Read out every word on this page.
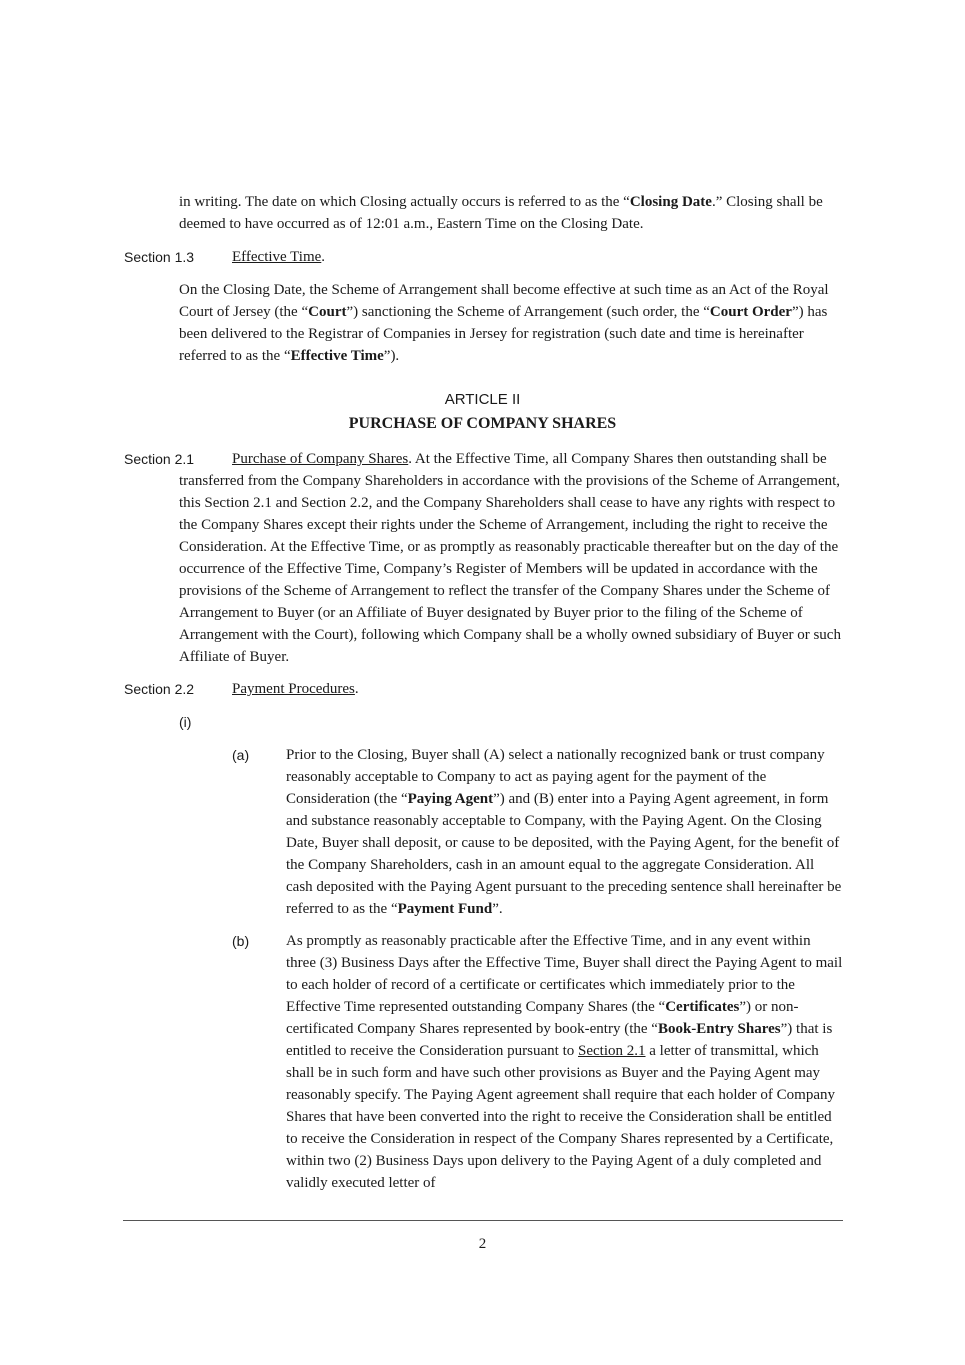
in writing. The date on which Closing actually occurs is referred to as the “Closing Date.” Closing shall be deemed to have occurred as of 12:01 a.m., Eastern Time on the Closing Date.

Section 1.3	Effective Time.

On the Closing Date, the Scheme of Arrangement shall become effective at such time as an Act of the Royal Court of Jersey (the “Court”) sanctioning the Scheme of Arrangement (such order, the “Court Order”) has been delivered to the Registrar of Companies in Jersey for registration (such date and time is hereinafter referred to as the “Effective Time”).

ARTICLE II
PURCHASE OF COMPANY SHARES
Section 2.1	Purchase of Company Shares. At the Effective Time, all Company Shares then outstanding shall be transferred from the Company Shareholders in accordance with the provisions of the Scheme of Arrangement, this Section 2.1 and Section 2.2, and the Company Shareholders shall cease to have any rights with respect to the Company Shares except their rights under the Scheme of Arrangement, including the right to receive the Consideration. At the Effective Time, or as promptly as reasonably practicable thereafter but on the day of the occurrence of the Effective Time, Company’s Register of Members will be updated in accordance with the provisions of the Scheme of Arrangement to reflect the transfer of the Company Shares under the Scheme of Arrangement to Buyer (or an Affiliate of Buyer designated by Buyer prior to the filing of the Scheme of Arrangement with the Court), following which Company shall be a wholly owned subsidiary of Buyer or such Affiliate of Buyer.

Section 2.2	Payment Procedures.
(i)
(a) Prior to the Closing, Buyer shall (A) select a nationally recognized bank or trust company reasonably acceptable to Company to act as paying agent for the payment of the Consideration (the “Paying Agent”) and (B) enter into a Paying Agent agreement, in form and substance reasonably acceptable to Company, with the Paying Agent. On the Closing Date, Buyer shall deposit, or cause to be deposited, with the Paying Agent, for the benefit of the Company Shareholders, cash in an amount equal to the aggregate Consideration. All cash deposited with the Paying Agent pursuant to the preceding sentence shall hereinafter be referred to as the “Payment Fund”.

(b) As promptly as reasonably practicable after the Effective Time, and in any event within three (3) Business Days after the Effective Time, Buyer shall direct the Paying Agent to mail to each holder of record of a certificate or certificates which immediately prior to the Effective Time represented outstanding Company Shares (the “Certificates”) or non-certificated Company Shares represented by book-entry (the “Book-Entry Shares”) that is entitled to receive the Consideration pursuant to Section 2.1 a letter of transmittal, which shall be in such form and have such other provisions as Buyer and the Paying Agent may reasonably specify. The Paying Agent agreement shall require that each holder of Company Shares that have been converted into the right to receive the Consideration shall be entitled to receive the Consideration in respect of the Company Shares represented by a Certificate, within two (2) Business Days upon delivery to the Paying Agent of a duly completed and validly executed letter of

2
